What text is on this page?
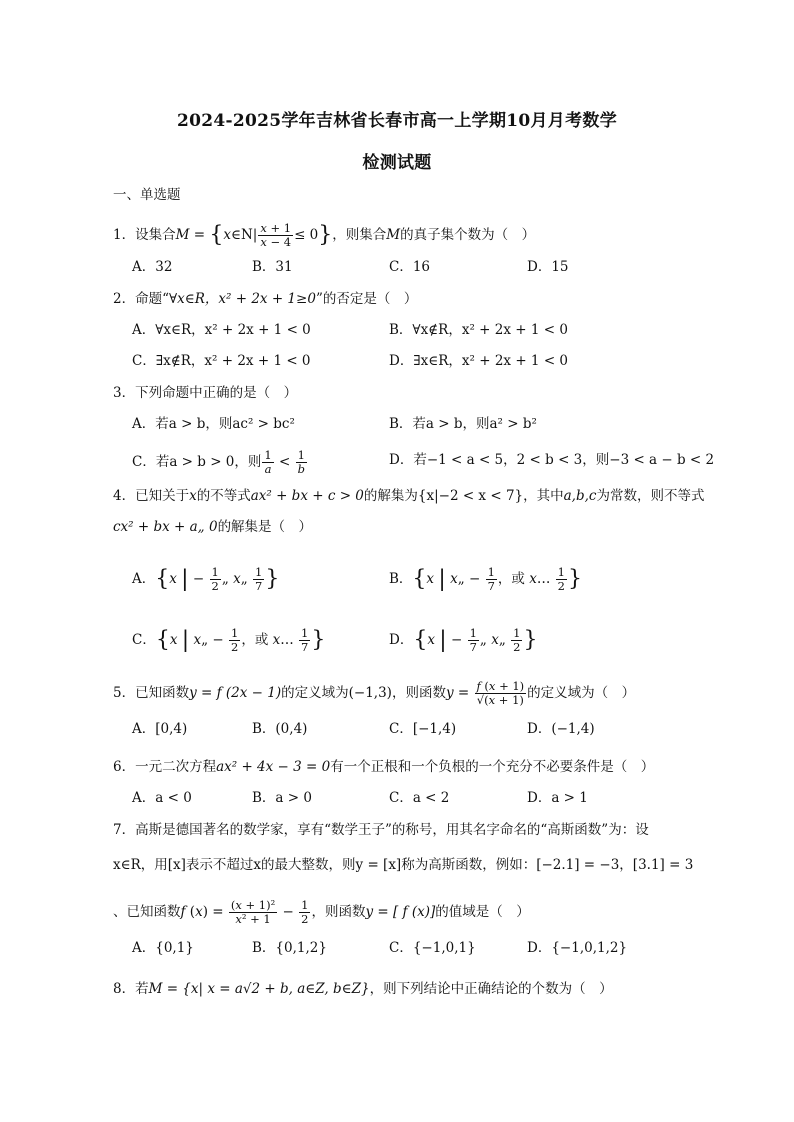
2024-2025学年吉林省长春市高一上学期10月月考数学
检测试题
一、单选题
1．设集合M = {x∈N| $\frac{x + 1}{x - 4} \le 0$}，则集合M的真子集个数为（　）
A．32	B．31	C．16	D．15
2．命题“∀x∈R，x² + 2x + 1≥0”的否定是（　）
A．∀x∈R，x² + 2x + 1 < 0	B．∀x∉R，x² + 2x + 1 < 0
C．∃x∉R，x² + 2x + 1 < 0	D．∃x∈R，x² + 2x + 1 < 0
3．下列命题中正确的是（　）
A．若a > b，则ac² > bc²	B．若a > b，则a² > b²
C．若a > b > 0，则 $\frac{1}{a} < \frac{1}{b}$	D．若−1 < a < 5，2 < b < 3，则−3 < a − b < 2
4．已知关于x的不等式ax² + bx + c > 0的解集为{x|−2 < x < 7}，其中a,b,c为常数，则不等式
cx² + bx + a„ 0的解集是（　）
A．{x | − $\frac{1}{2}$ „ x„ $\frac{1}{7}$ }	B．{x | x„ − $\frac{1}{7}$ ，或 x… $\frac{1}{2}$ }
C．{x | x„ − $\frac{1}{2}$ ，或 x… $\frac{1}{7}$ }	D．{x | − $\frac{1}{7}$ „ x„ $\frac{1}{2}$ }
5．已知函数y = f (2x − 1)的定义域为(−1,3)，则函数$y = \frac{f (x + 1)}{√(x + 1)}$ 的定义域为（　）
A．[0,4)	B．(0,4)	C．[−1,4)	D．(−1,4)
6．一元二次方程ax² + 4x − 3 = 0有一个正根和一个负根的一个充分不必要条件是（　）
A．a < 0	B．a > 0	C．a < 2	D．a > 1
7．高斯是德国著名的数学家，享有“数学王子”的称号，用其名字命名的“高斯函数”为：设
x∈R，用[x]表示不超过x的最大整数，则y = [x]称为高斯函数，例如：[−2.1] = −3，[3.1] = 3
、已知函数f $(x) = \frac{\text{(x + 1)²}}{\text{x² + 1}} - \frac{1}{2}$ ，则函数y = [ f (x)]的值域是（　）
A．{0,1}	B．{0,1,2}	C．{−1,0,1}	D．{−1,0,1,2}
8．若M = {x| x = a√2 + b, a∈Z, b∈Z}，则下列结论中正确结论的个数为（　）
